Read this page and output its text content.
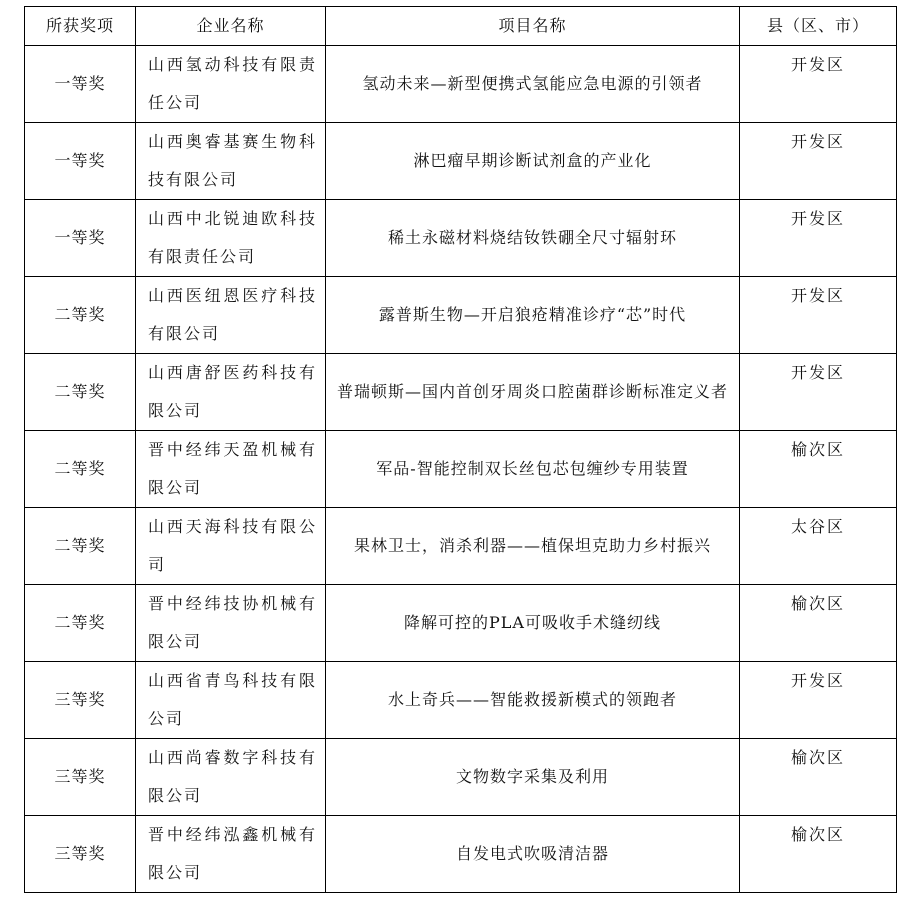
所获奖项	企业名称	项目名称	县（区、市）
一等奖	山西氢动科技有限责任公司	氢动未来—新型便携式氢能应急电源的引领者	开发区
一等奖	山西奥睿基赛生物科技有限公司	淋巴瘤早期诊断试剂盒的产业化	开发区
一等奖	山西中北锐迪欧科技有限责任公司	稀土永磁材料烧结钕铁硼全尺寸辐射环	开发区
二等奖	山西医纽恩医疗科技有限公司	露普斯生物—开启狼疮精准诊疗“芯”时代	开发区
二等奖	山西唐舒医药科技有限公司	普瑞顿斯—国内首创牙周炎口腔菌群诊断标准定义者	开发区
二等奖	晋中经纬天盈机械有限公司	军品-智能控制双长丝包芯包缠纱专用装置	榆次区
二等奖	山西天海科技有限公司	果林卫士，消杀利器——植保坦克助力乡村振兴	太谷区
二等奖	晋中经纬技协机械有限公司	降解可控的PLA可吸收手术缝纫线	榆次区
三等奖	山西省青鸟科技有限公司	水上奇兵——智能救援新模式的领跑者	开发区
三等奖	山西尚睿数字科技有限公司	文物数字采集及利用	榆次区
三等奖	晋中经纬泓鑫机械有限公司	自发电式吹吸清洁器	榆次区
